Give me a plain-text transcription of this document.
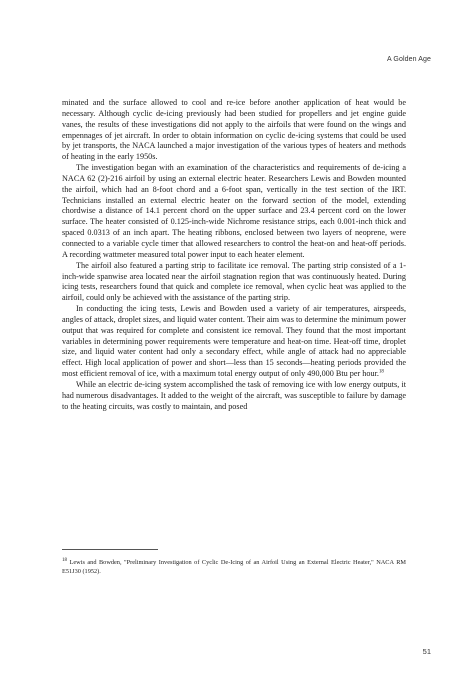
A Golden Age

minated and the surface allowed to cool and re-ice before another application of heat would be necessary. Although cyclic de-icing previously had been studied for propellers and jet engine guide vanes, the results of these investigations did not apply to the airfoils that were found on the wings and empennages of jet aircraft. In order to obtain information on cyclic de-icing systems that could be used by jet transports, the NACA launched a major investigation of the various types of heaters and methods of heating in the early 1950s.

The investigation began with an examination of the characteristics and requirements of de-icing a NACA 62 (2)-216 airfoil by using an external electric heater. Researchers Lewis and Bowden mounted the airfoil, which had an 8-foot chord and a 6-foot span, vertically in the test section of the IRT. Technicians installed an external electric heater on the forward section of the model, extending chordwise a distance of 14.1 percent chord on the upper surface and 23.4 percent cord on the lower surface. The heater consisted of 0.125-inch-wide Nichrome resistance strips, each 0.001-inch thick and spaced 0.0313 of an inch apart. The heating ribbons, enclosed between two layers of neoprene, were connected to a variable cycle timer that allowed researchers to control the heat-on and heat-off periods. A recording wattmeter measured total power input to each heater element.

The airfoil also featured a parting strip to facilitate ice removal. The parting strip consisted of a 1-inch-wide spanwise area located near the airfoil stagnation region that was continuously heated. During icing tests, researchers found that quick and complete ice removal, when cyclic heat was applied to the airfoil, could only be achieved with the assistance of the parting strip.

In conducting the icing tests, Lewis and Bowden used a variety of air temperatures, airspeeds, angles of attack, droplet sizes, and liquid water content. Their aim was to determine the minimum power output that was required for complete and consistent ice removal. They found that the most important variables in determining power requirements were temperature and heat-on time. Heat-off time, droplet size, and liquid water content had only a secondary effect, while angle of attack had no appreciable effect. High local application of power and short—less than 15 seconds—heating periods provided the most efficient removal of ice, with a maximum total energy output of only 490,000 Btu per hour.$^{18}$

While an electric de-icing system accomplished the task of removing ice with low energy outputs, it had numerous disadvantages. It added to the weight of the aircraft, was susceptible to failure by damage to the heating circuits, was costly to maintain, and posed

$^{18}$ Lewis and Bowden, "Preliminary Investigation of Cyclic De-Icing of an Airfoil Using an External Electric Heater," NACA RM E51J30 (1952).
51
